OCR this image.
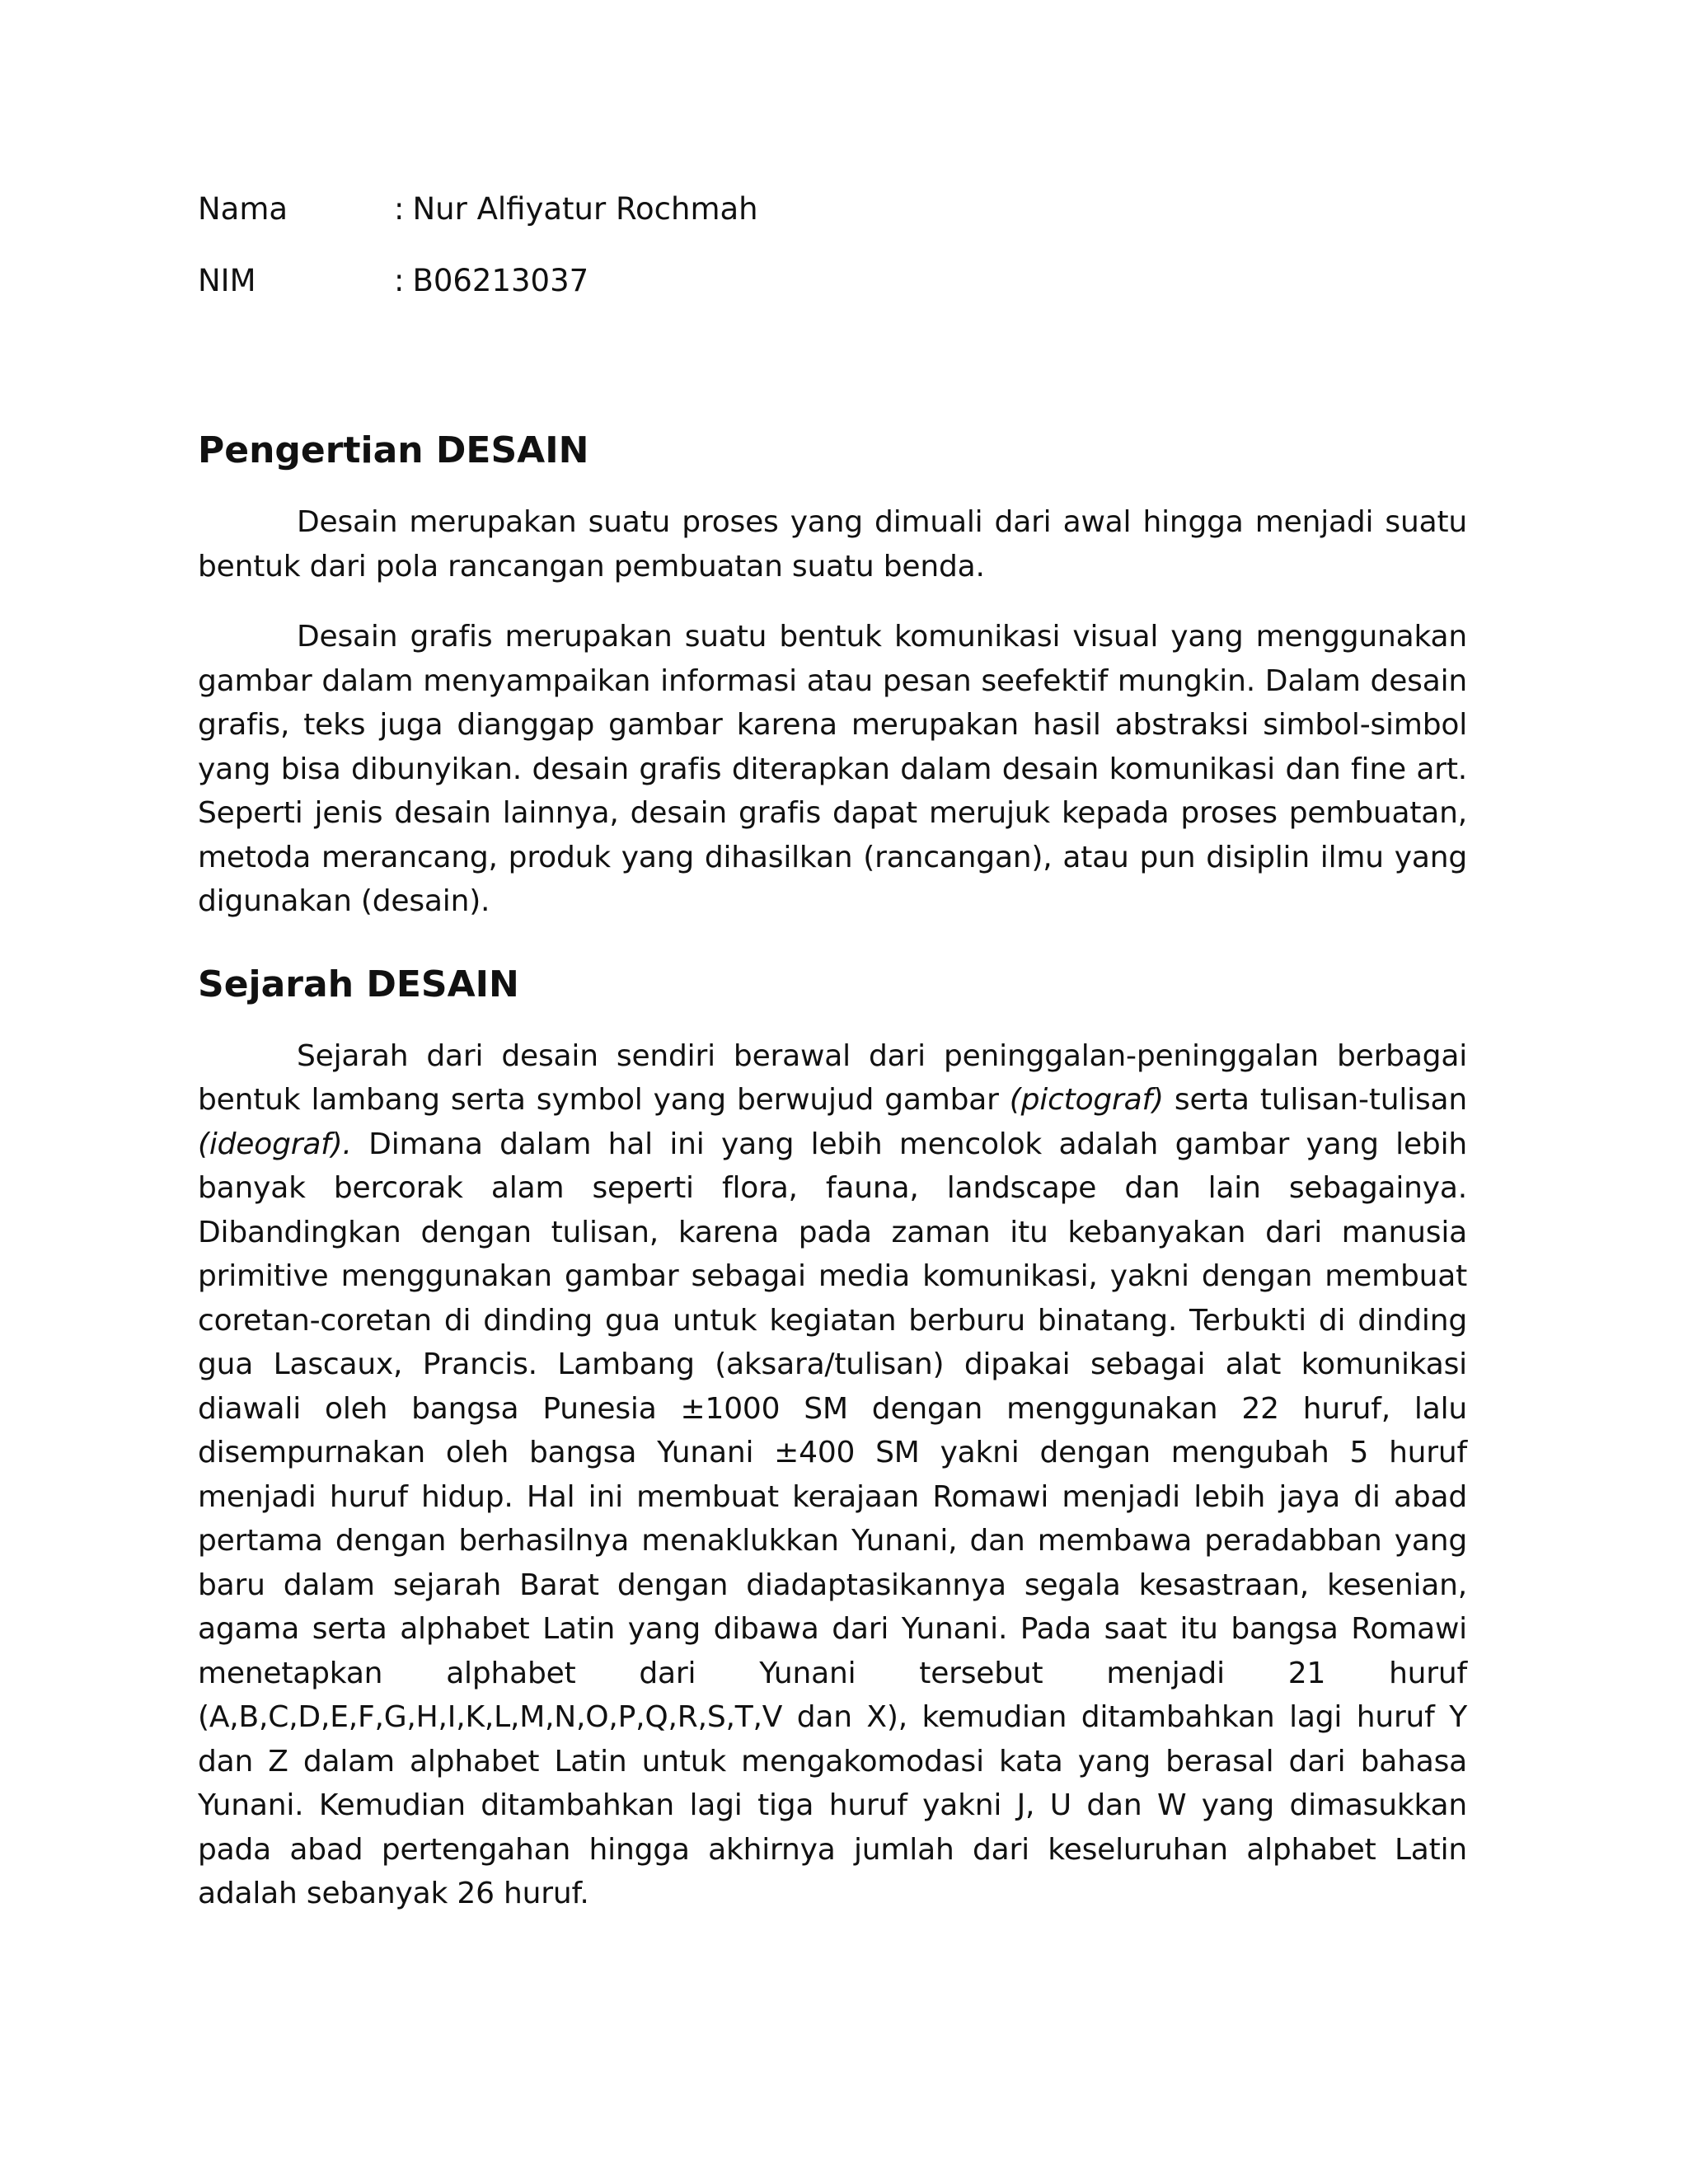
Nama	: Nur Alfiyatur Rochmah
NIM	: B06213037
Pengertian DESAIN

Desain merupakan suatu proses yang dimuali dari awal hingga menjadi suatu bentuk dari pola rancangan pembuatan suatu benda.

Desain grafis merupakan suatu bentuk komunikasi visual yang menggunakan gambar dalam menyampaikan informasi atau pesan seefektif mungkin. Dalam desain grafis, teks juga dianggap gambar karena merupakan hasil abstraksi simbol-simbol yang bisa dibunyikan. desain grafis diterapkan dalam desain komunikasi dan fine art. Seperti jenis desain lainnya, desain grafis dapat merujuk kepada proses pembuatan, metoda merancang, produk yang dihasilkan (rancangan), atau pun disiplin ilmu yang digunakan (desain).

Sejarah DESAIN

Sejarah dari desain sendiri berawal dari peninggalan-peninggalan berbagai bentuk lambang serta symbol yang berwujud gambar (pictograf) serta tulisan-tulisan (ideograf). Dimana dalam hal ini yang lebih mencolok adalah gambar yang lebih banyak bercorak alam seperti flora, fauna, landscape dan lain sebagainya. Dibandingkan dengan tulisan, karena pada zaman itu kebanyakan dari manusia primitive menggunakan gambar sebagai media komunikasi, yakni dengan membuat coretan-coretan di dinding gua untuk kegiatan berburu binatang. Terbukti di dinding gua Lascaux, Prancis. Lambang (aksara/tulisan) dipakai sebagai alat komunikasi diawali oleh bangsa Punesia ±1000 SM dengan menggunakan 22 huruf, lalu disempurnakan oleh bangsa Yunani ±400 SM yakni dengan mengubah 5 huruf menjadi huruf hidup. Hal ini membuat kerajaan Romawi menjadi lebih jaya di abad pertama dengan berhasilnya menaklukkan Yunani, dan membawa peradabban yang baru dalam sejarah Barat dengan diadaptasikannya segala kesastraan, kesenian, agama serta alphabet Latin yang dibawa dari Yunani. Pada saat itu bangsa Romawi menetapkan alphabet dari Yunani tersebut menjadi 21 huruf (A,B,C,D,E,F,G,H,I,K,L,M,N,O,P,Q,R,S,T,V dan X), kemudian ditambahkan lagi huruf Y dan Z dalam alphabet Latin untuk mengakomodasi kata yang berasal dari bahasa Yunani. Kemudian ditambahkan lagi tiga huruf yakni J, U dan W yang dimasukkan pada abad pertengahan hingga akhirnya jumlah dari keseluruhan alphabet Latin adalah sebanyak 26 huruf.
